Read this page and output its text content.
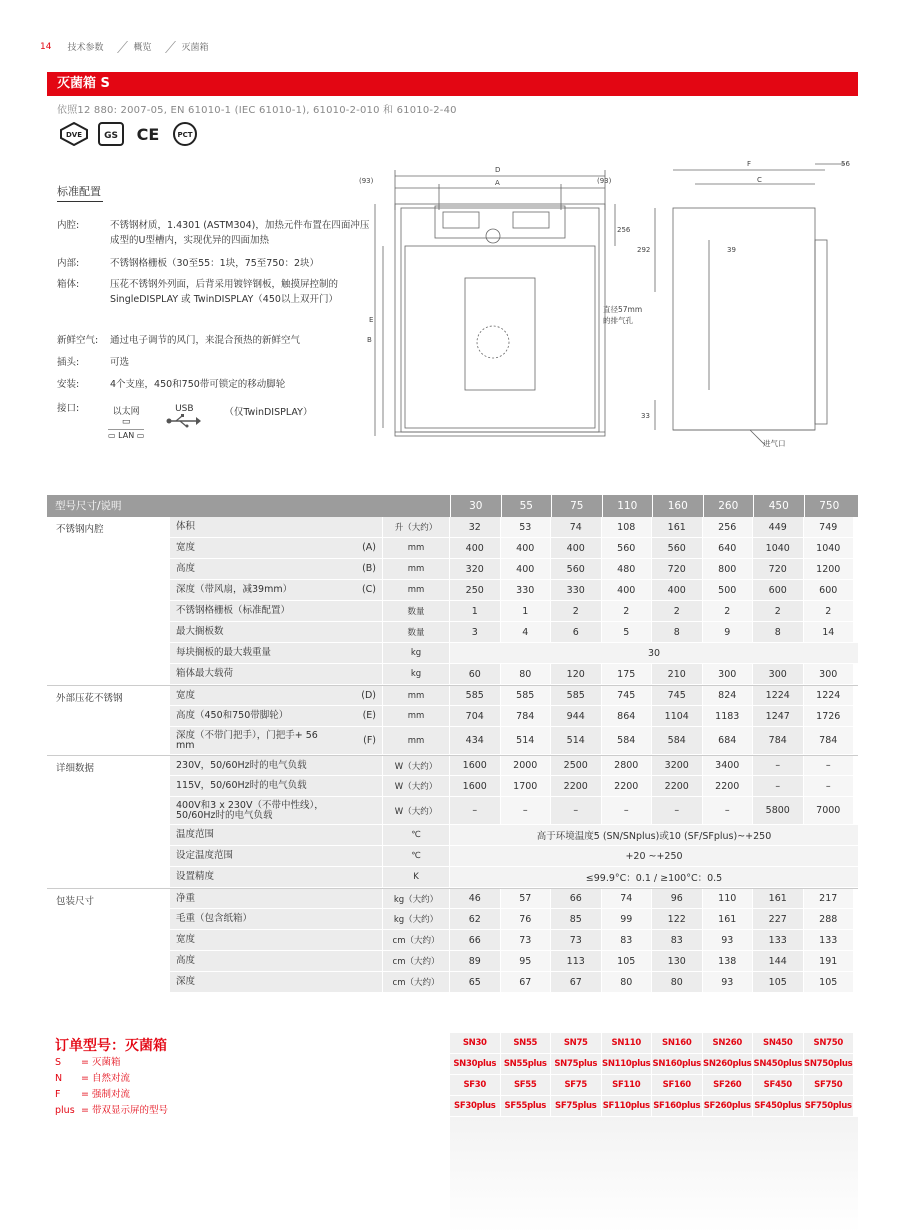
14 技术参数	概览	灭菌箱
灭菌箱 S
依照12 880: 2007-05, EN 61010-1 (IEC 61010-1), 61010-2-010 和 61010-2-40
DVE GS CE	PCT
标准配置
内腔:	不锈钢材质，1.4301 (ASTM304)，加热元件布置在四面冲压成型的U型槽内，实现优异的四面加热
内部:	不锈钢格栅板（30至55：1块，75至750：2块）
箱体:	压花不锈钢外列面，后背采用镀锌钢板，触摸屏控制的SingleDISPLAY 或 TwinDISPLAY（450以上双开门）
新鲜空气:	通过电子调节的风门，来混合预热的新鲜空气
插头:	可选
安装:	4个支座，450和750带可锁定的移动脚轮
接口:	以太网
▭
▭ LAN ▭
USB	（仅TwinDISPLAY）
(93)	(93)
D
A
E
B
256
F	56
C
292	39
33
直径57mm
的排气孔
进气口
型号尺寸/说明	30	55	75	110	160	260	450	750
不锈钢内腔	体积	升（大约）	32	53	74	108	161	256	449	749
宽度	(A)	mm	400	400	400	560	560	640	1040	1040
高度	(B)	mm	320	400	560	480	720	800	720	1200
深度（带风扇，减39mm）	(C)	mm	250	330	330	400	400	500	600	600
不锈钢格栅板（标准配置）	数量	1	1	2	2	2	2	2	2
最大搁板数	数量	3	4	6	5	8	9	8	14
每块搁板的最大载重量	kg	30
箱体最大载荷	kg	60	80	120	175	210	300	300	300
外部压花不锈钢	宽度	(D)	mm	585	585	585	745	745	824	1224	1224
高度（450和750带脚轮）	(E)	mm	704	784	944	864	1104	1183	1247	1726
深度（不带门把手），门把手+ 56 mm	(F)	mm	434	514	514	584	584	684	784	784
详细数据	230V，50/60Hz时的电气负载	W（大约）	1600	2000	2500	2800	3200	3400	–	–
115V，50/60Hz时的电气负载	W（大约）	1600	1700	2200	2200	2200	2200	–	–
400V和3 x 230V（不带中性线），50/60Hz时的电气负载	W（大约）	–	–	–	–	–	–	5800	7000
温度范围	℃	高于环境温度5 (SN/SNplus)或10 (SF/SFplus)~+250
设定温度范围	℃	+20 ~+250
设置精度	K	≤99.9°C：0.1 / ≥100°C：0.5
包装尺寸	净重	kg（大约）	46	57	66	74	96	110	161	217
毛重（包含纸箱）	kg（大约）	62	76	85	99	122	161	227	288
宽度	cm（大约）	66	73	73	83	83	93	133	133
高度	cm（大约）	89	95	113	105	130	138	144	191
深度	cm（大约）	65	67	67	80	80	93	105	105
订单型号：灭菌箱
S = 灭菌箱
N = 自然对流
F = 强制对流
plus = 带双显示屏的型号
SN30	SN55	SN75	SN110	SN160	SN260	SN450	SN750
SN30plus SN55plus SN75plus SN110plus SN160plus SN260plus SN450plus SN750plus
SF30	SF55	SF75	SF110	SF160	SF260	SF450	SF750
SF30plus	SF55plus	SF75plus SF110plus SF160plus SF260plus SF450plus SF750plus
